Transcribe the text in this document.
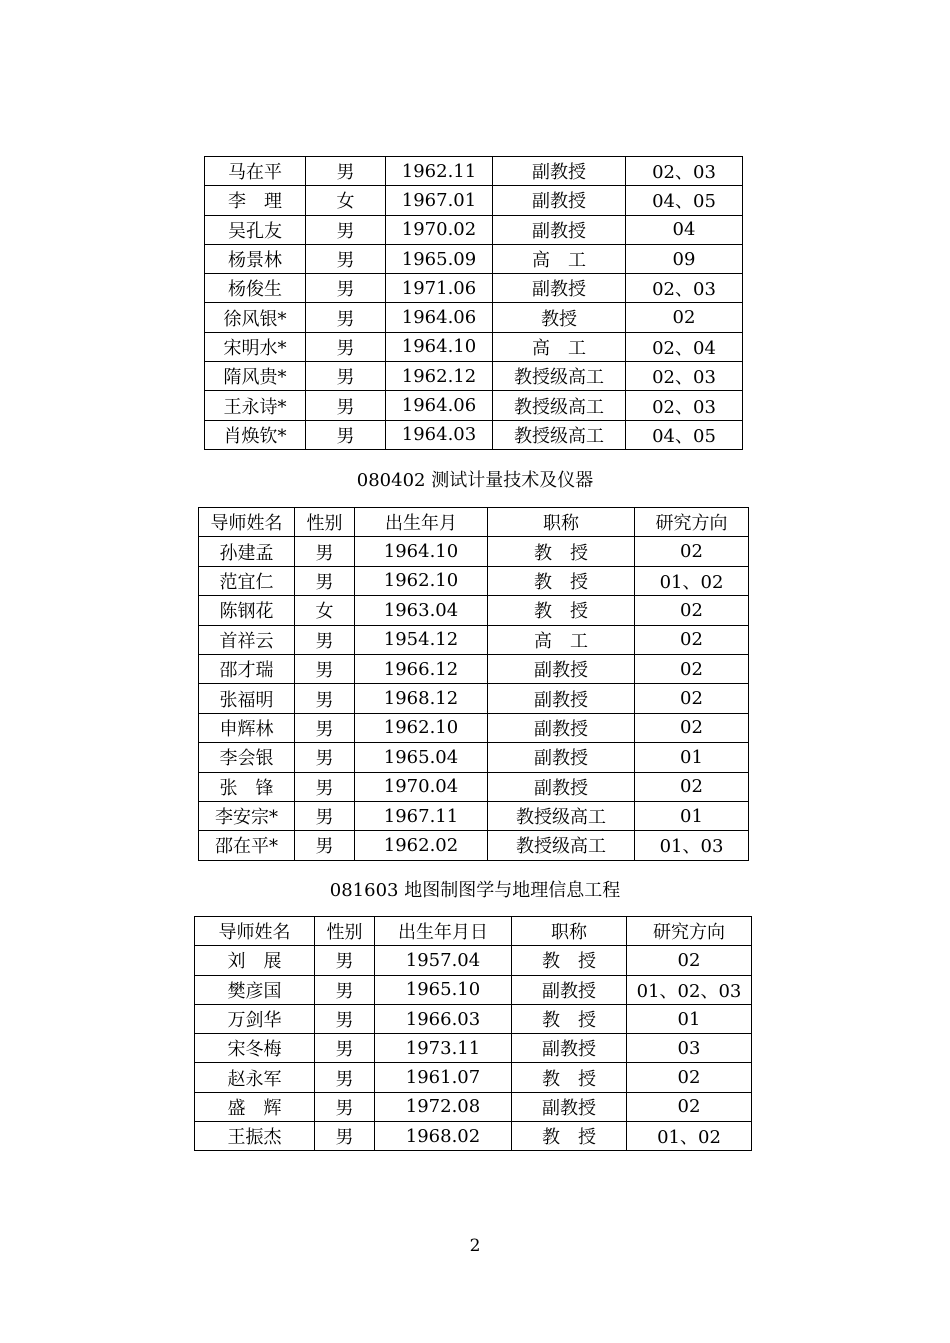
马在平	男	1962.11	副教授	02、03
李　理	女	1967.01	副教授	04、05
吴孔友	男	1970.02	副教授	04
杨景林	男	1965.09	高　工	09
杨俊生	男	1971.06	副教授	02、03
徐风银*	男	1964.06	教授	02
宋明水*	男	1964.10	高　工	02、04
隋风贵*	男	1962.12	教授级高工	02、03
王永诗*	男	1964.06	教授级高工	02、03
肖焕钦*	男	1964.03	教授级高工	04、05
080402 测试计量技术及仪器
导师姓名	性别	出生年月	职称	研究方向
孙建孟	男	1964.10	教　授	02
范宜仁	男	1962.10	教　授	01、02
陈钢花	女	1963.04	教　授	02
首祥云	男	1954.12	高　工	02
邵才瑞	男	1966.12	副教授	02
张福明	男	1968.12	副教授	02
申辉林	男	1962.10	副教授	02
李会银	男	1965.04	副教授	01
张　锋	男	1970.04	副教授	02
李安宗*	男	1967.11	教授级高工	01
邵在平*	男	1962.02	教授级高工	01、03
081603 地图制图学与地理信息工程
导师姓名	性别	出生年月日	职称	研究方向
刘　展	男	1957.04	教　授	02
樊彦国	男	1965.10	副教授	01、02、03
万剑华	男	1966.03	教　授	01
宋冬梅	男	1973.11	副教授	03
赵永军	男	1961.07	教　授	02
盛　辉	男	1972.08	副教授	02
王振杰	男	1968.02	教　授	01、02
2
